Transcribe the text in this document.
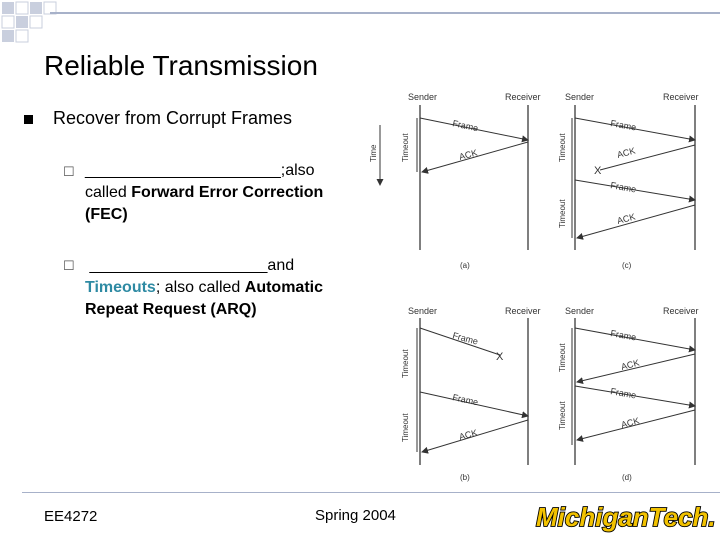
Reliable Transmission
Recover from Corrupt Frames
☐ ______________________;also called Forward Error Correction (FEC)
☐ ____________________and Timeouts; also called Automatic Repeat Request (ARQ)
Sender	Receiver
Frame
ACK
Timeout
Time
(a)
Sender	Receiver
Frame
X
ACK
Timeout
Frame
ACK
Timeout
(c)
Sender	Receiver
X
Frame
Timeout
Frame
ACK
Timeout
(b)
Sender	Receiver
Frame
ACK
Timeout
Frame
ACK
Timeout
(d)
EE4272	Spring 2004	MichiganTech.
